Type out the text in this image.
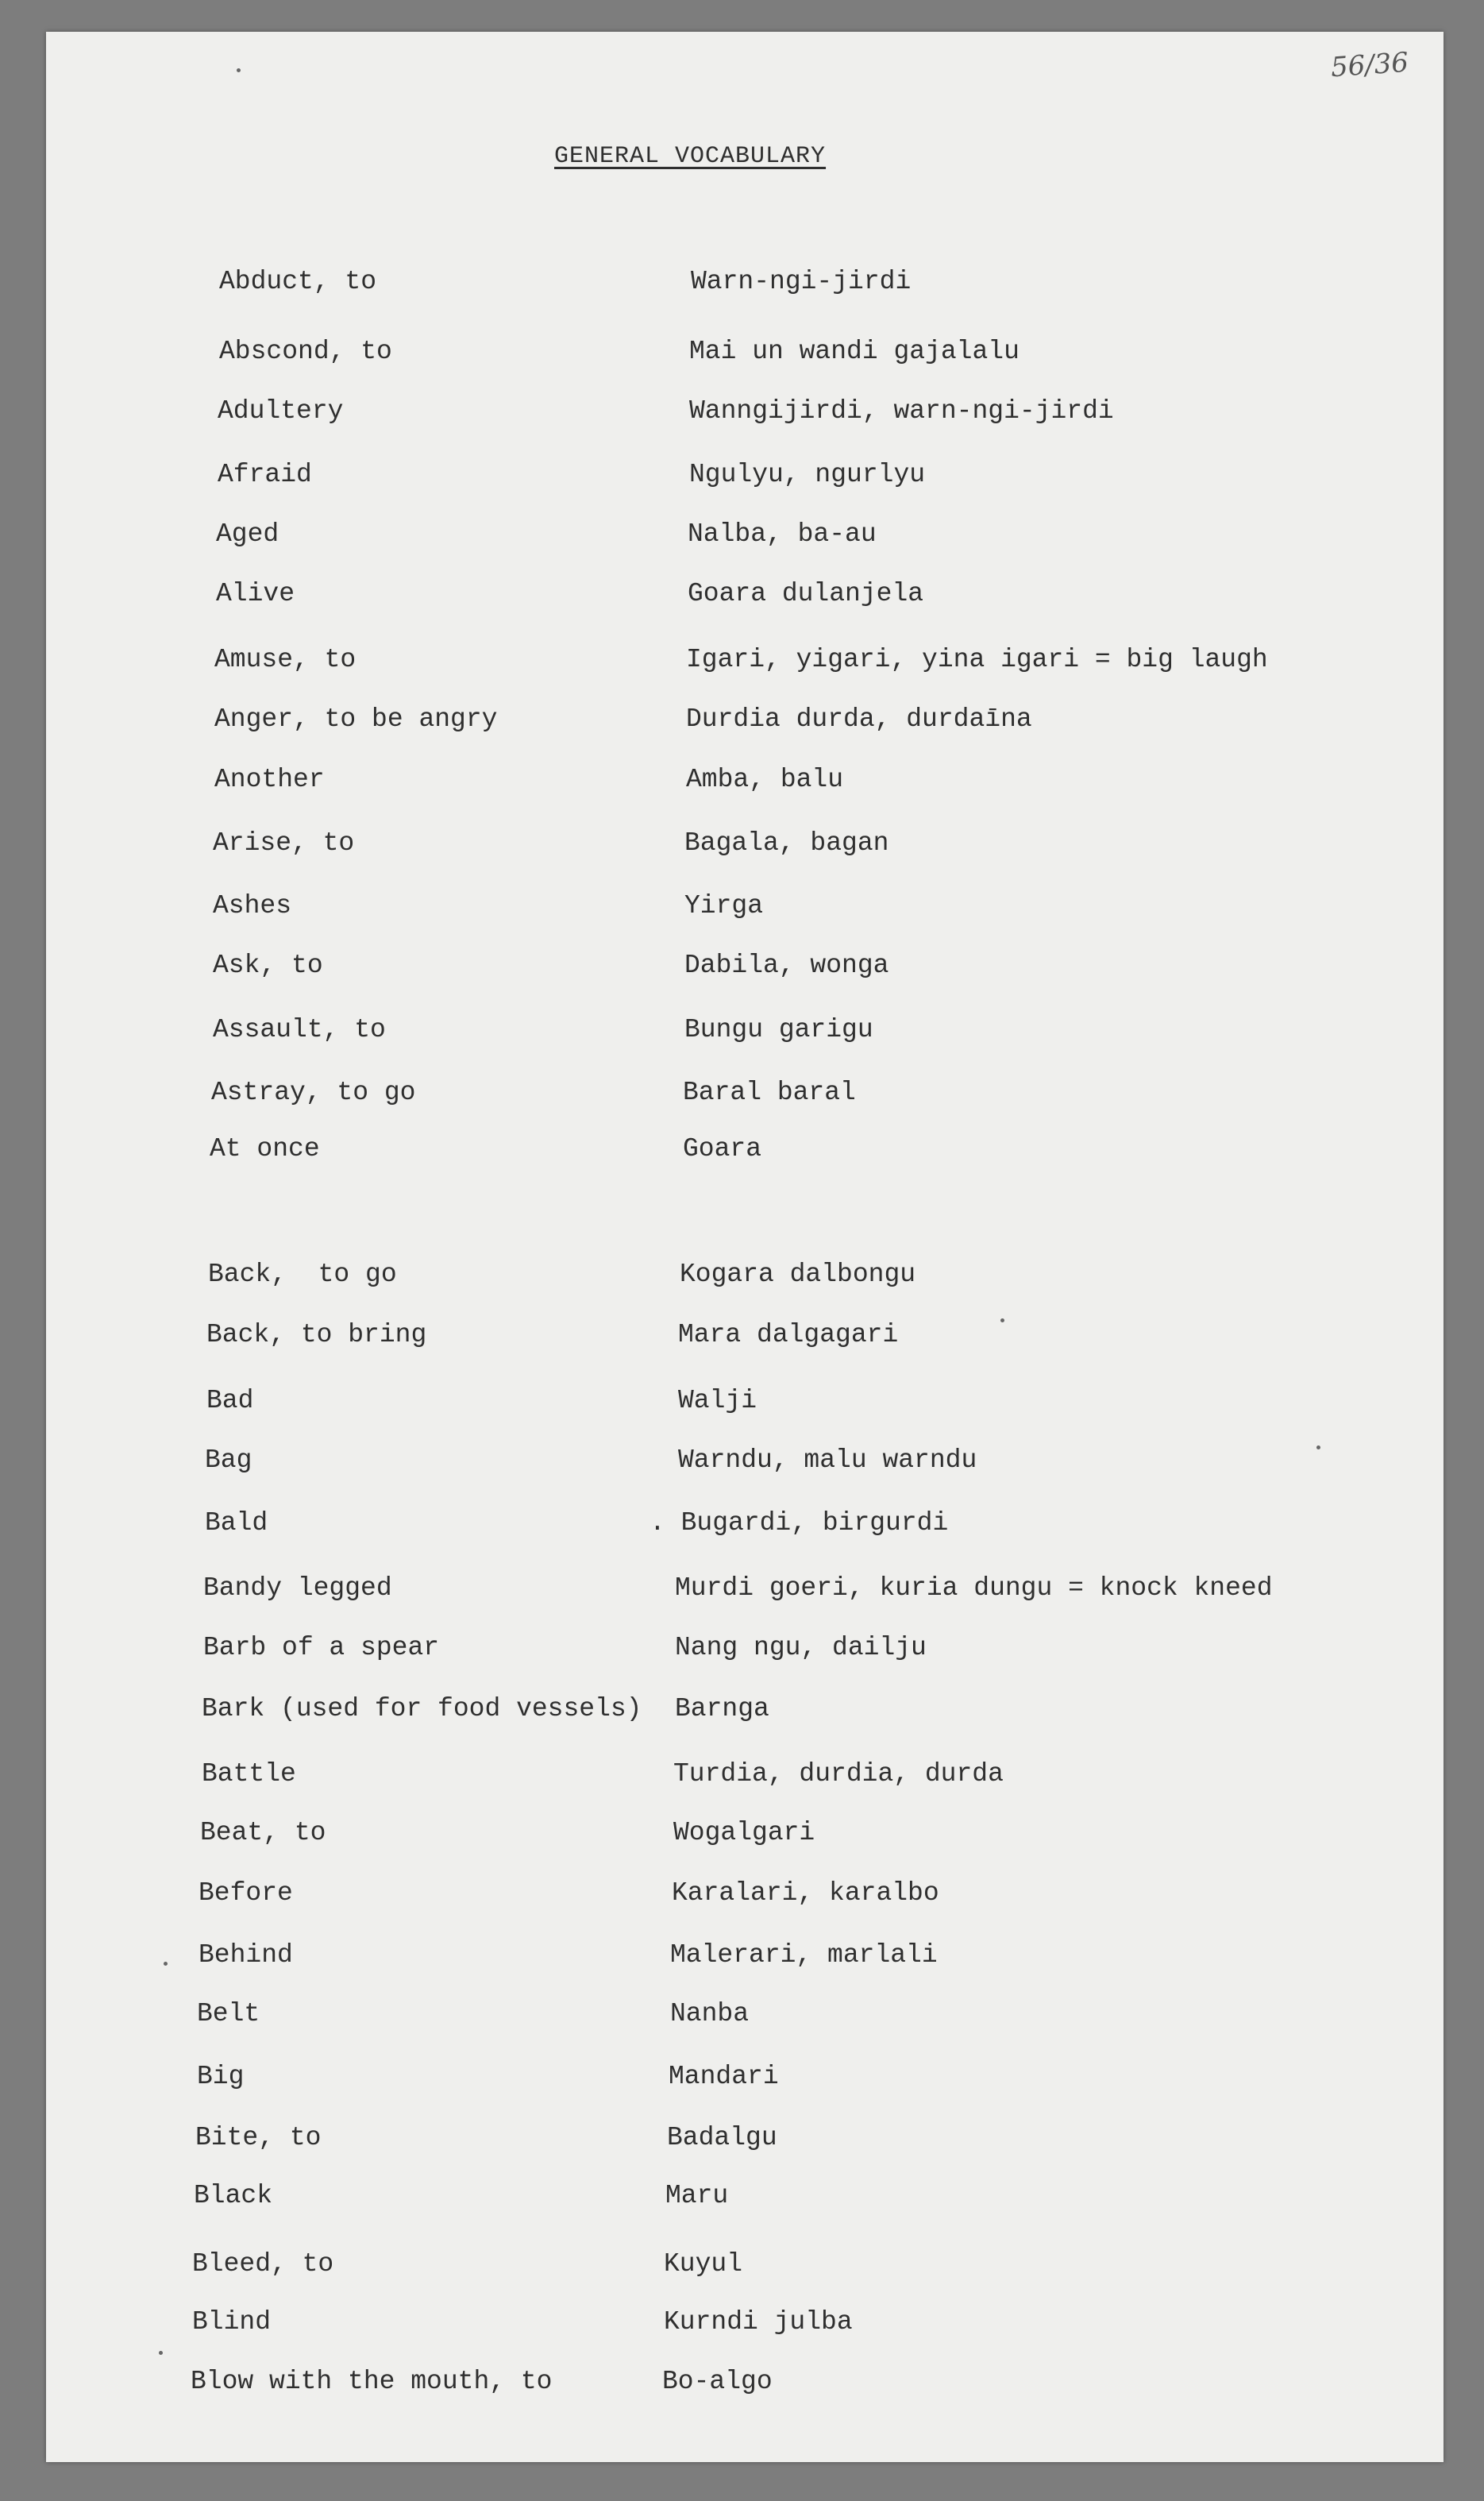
56/36
GENERAL VOCABULARY
Abduct, to	Warn-ngi-jirdi
Abscond, to	Mai un wandi gajalalu
Adultery	Wanngijirdi, warn-ngi-jirdi
Afraid	Ngulyu, ngurlyu
Aged	Nalba, ba-au
Alive	Goara dulanjela
Amuse, to	Igari, yigari, yina igari = big laugh
Anger, to be angry	Durdia durda, durdaīna
Another	Amba, balu
Arise, to	Bagala, bagan
Ashes	Yirga
Ask, to	Dabila, wonga
Assault, to	Bungu garigu
Astray, to go	Baral baral
At once	Goara
Back,  to go	Kogara dalbongu
Back, to bring	Mara dalgagari
Bad	Walji
Bag	Warndu, malu warndu
Bald	. Bugardi, birgurdi
Bandy legged	Murdi goeri, kuria dungu = knock kneed
Barb of a spear	Nang ngu, dailju
Bark (used for food vessels) Barnga
Battle	Turdia, durdia, durda
Beat, to	Wogalgari
Before	Karalari, karalbo
Behind	Malerari, marlali
Belt	Nanba
Big	Mandari
Bite, to	Badalgu
Black	Maru
Bleed, to	Kuyul
Blind	Kurndi julba
Blow with the mouth, to	Bo-algo
